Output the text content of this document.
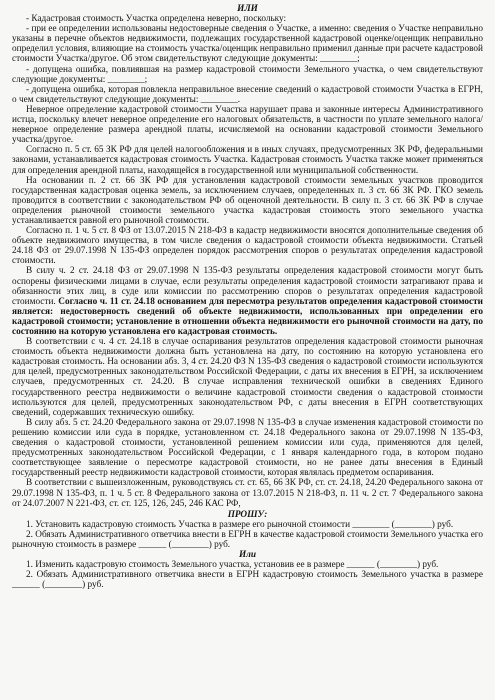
ИЛИ

- Кадастровая стоимость Участка определена неверно, поскольку:

- при ее определении использованы недостоверные сведения о Участке, а именно: сведения о Участке неправильно указаны в перечне объектов недвижимости, подлежащих государственной кадастровой оценке/оценщик неправильно определил условия, влияющие на стоимость участка/оценщик неправильно применил данные при расчете кадастровой стоимости Участка/другое. Об этом свидетельствуют следующие документы: ________;

- допущена ошибка, повлиявшая на размер кадастровой стоимости Земельного участка, о чем свидетельствуют следующие документы: ________;

- допущена ошибка, которая повлекла неправильное внесение сведений о кадастровой стоимости Участка в ЕГРН, о чем свидетельствуют следующие документы: ________.

Неверное определение кадастровой стоимости Участка нарушает права и законные интересы Административного истца, поскольку влечет неверное определение его налоговых обязательств, в частности по уплате земельного налога/неверное определение размера арендной платы, исчисляемой на основании кадастровой стоимости Земельного участка/другое.

Согласно п. 5 ст. 65 ЗК РФ для целей налогообложения и в иных случаях, предусмотренных ЗК РФ, федеральными законами, устанавливается кадастровая стоимость Участка. Кадастровая стоимость Участка также может применяться для определения арендной платы, находящейся в государственной или муниципальной собственности.

На основании п. 2 ст. 66 ЗК РФ для установления кадастровой стоимости земельных участков проводится государственная кадастровая оценка земель, за исключением случаев, определенных п. 3 ст. 66 ЗК РФ. ГКО земель проводится в соответствии с законодательством РФ об оценочной деятельности. В силу п. 3 ст. 66 ЗК РФ в случае определения рыночной стоимости земельного участка кадастровая стоимость этого земельного участка устанавливается равной его рыночной стоимости.

Согласно п. 1 ч. 5 ст. 8 ФЗ от 13.07.2015 N 218-ФЗ в кадастр недвижимости вносятся дополнительные сведения об объекте недвижимого имущества, в том числе сведения о кадастровой стоимости объекта недвижимости. Статьей 24.18 ФЗ от 29.07.1998 N 135-ФЗ определен порядок рассмотрения споров о результатах определения кадастровой стоимости.

В силу ч. 2 ст. 24.18 ФЗ от 29.07.1998 N 135-ФЗ результаты определения кадастровой стоимости могут быть оспорены физическими лицами в случае, если результаты определения кадастровой стоимости затрагивают права и обязанности этих лиц, в суде или комиссии по рассмотрению споров о результатах определения кадастровой стоимости. Согласно ч. 11 ст. 24.18 основанием для пересмотра результатов определения кадастровой стоимости является: недостоверность сведений об объекте недвижимости, использованных при определении его кадастровой стоимости; установление в отношении объекта недвижимости его рыночной стоимости на дату, по состоянию на которую установлена его кадастровая стоимость.

В соответствии с ч. 4 ст. 24.18 в случае оспаривания результатов определения кадастровой стоимости рыночная стоимость объекта недвижимости должна быть установлена на дату, по состоянию на которую установлена его кадастровая стоимость. На основании абз. 3, 4 ст. 24.20 ФЗ N 135-ФЗ сведения о кадастровой стоимости используются для целей, предусмотренных законодательством Российской Федерации, с даты их внесения в ЕГРН, за исключением случаев, предусмотренных ст. 24.20. В случае исправления технической ошибки в сведениях Единого государственного реестра недвижимости о величине кадастровой стоимости сведения о кадастровой стоимости используются для целей, предусмотренных законодательством РФ, с даты внесения в ЕГРН соответствующих сведений, содержавших техническую ошибку.

В силу абз. 5 ст. 24.20 Федерального закона от 29.07.1998 N 135-ФЗ в случае изменения кадастровой стоимости по решению комиссии или суда в порядке, установленном ст. 24.18 Федерального закона от 29.07.1998 N 135-ФЗ, сведения о кадастровой стоимости, установленной решением комиссии или суда, применяются для целей, предусмотренных законодательством Российской Федерации, с 1 января календарного года, в котором подано соответствующее заявление о пересмотре кадастровой стоимости, но не ранее даты внесения в Единый государственный реестр недвижимости кадастровой стоимости, которая являлась предметом оспаривания.

В соответствии с вышеизложенным, руководствуясь ст. ст. 65, 66 ЗК РФ, ст. ст. 24.18, 24.20 Федерального закона от 29.07.1998 N 135-ФЗ, п. 1 ч. 5 ст. 8 Федерального закона от 13.07.2015 N 218-ФЗ, п. 11 ч. 2 ст. 7 Федерального закона от 24.07.2007 N 221-ФЗ, ст. ст. 125, 126, 245, 246 КАС РФ,

ПРОШУ:

1. Установить кадастровую стоимость Участка в размере его рыночной стоимости ________ (________) руб.

2. Обязать Административного ответчика внести в ЕГРН в качестве кадастровой стоимости Земельного участка его рыночную стоимость в размере ______ (________) руб.

Или

1. Изменить кадастровую стоимость Земельного участка, установив ее в размере ______ (________) руб.

2. Обязать Административного ответчика внести в ЕГРН кадастровую стоимость Земельного участка в размере ______ (________) руб.
